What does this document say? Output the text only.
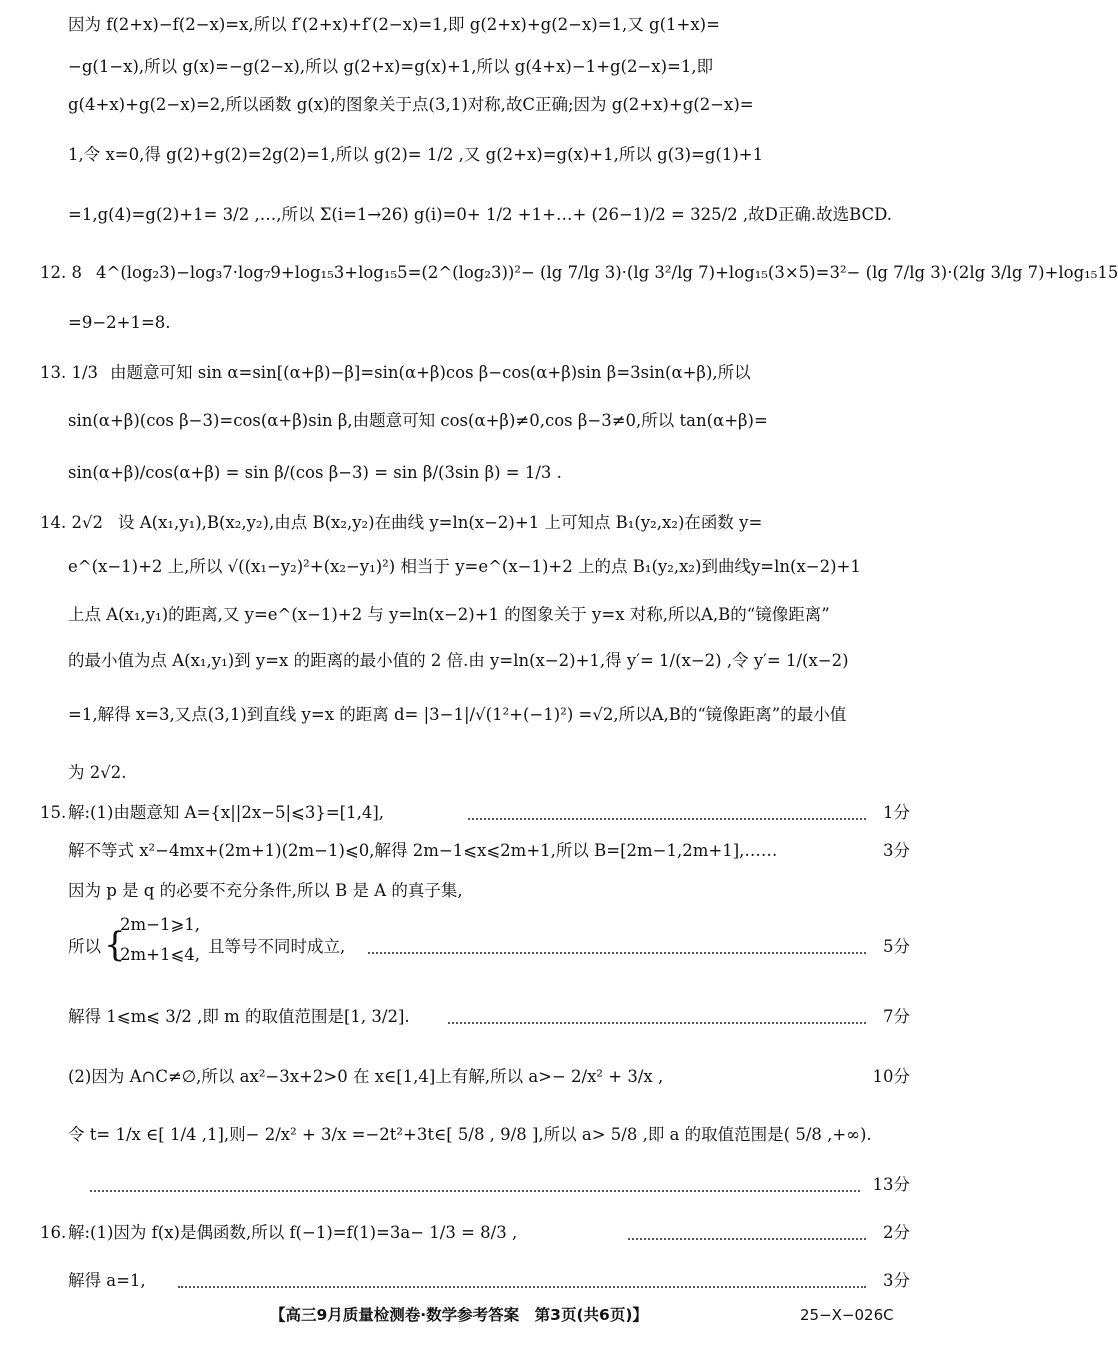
因为 f(2+x)−f(2−x)=x,所以 f′(2+x)+f′(2−x)=1,即 g(2+x)+g(2−x)=1,又 g(1+x)=
−g(1−x),所以 g(x)=−g(2−x),所以 g(2+x)=g(x)+1,所以 g(4+x)−1+g(2−x)=1,即
g(4+x)+g(2−x)=2,所以函数 g(x)的图象关于点(3,1)对称,故C正确;因为 g(2+x)+g(2−x)=
1,令 x=0,得 g(2)+g(2)=2g(2)=1,所以 g(2)= 1/2 ,又 g(2+x)=g(x)+1,所以 g(3)=g(1)+1
=1,g(4)=g(2)+1= 3/2 ,…,所以 Σ(i=1→26) g(i)=0+ 1/2 +1+…+ (26−1)/2 = 325/2 ,故D正确.故选BCD.
12. 8 4^(log₂3)−log₃7·log₇9+log₁₅3+log₁₅5=(2^(log₂3))²− (lg 7/lg 3)·(lg 3²/lg 7)+log₁₅(3×5)=3²− (lg 7/lg 3)·(2lg 3/lg 7)+log₁₅15
=9−2+1=8.
13. 1/3 由题意可知 sin α=sin[(α+β)−β]=sin(α+β)cos β−cos(α+β)sin β=3sin(α+β),所以
sin(α+β)(cos β−3)=cos(α+β)sin β,由题意可知 cos(α+β)≠0,cos β−3≠0,所以 tan(α+β)=
sin(α+β)/cos(α+β) = sin β/(cos β−3) = sin β/(3sin β) = 1/3 .
14. 2√2 设 A(x₁,y₁),B(x₂,y₂),由点 B(x₂,y₂)在曲线 y=ln(x−2)+1 上可知点 B₁(y₂,x₂)在函数 y=
e^(x−1)+2 上,所以 √((x₁−y₂)²+(x₂−y₁)²) 相当于 y=e^(x−1)+2 上的点 B₁(y₂,x₂)到曲线y=ln(x−2)+1
上点 A(x₁,y₁)的距离,又 y=e^(x−1)+2 与 y=ln(x−2)+1 的图象关于 y=x 对称,所以A,B的“镜像距离”
的最小值为点 A(x₁,y₁)到 y=x 的距离的最小值的 2 倍.由 y=ln(x−2)+1,得 y′= 1/(x−2) ,令 y′= 1/(x−2)
=1,解得 x=3,又点(3,1)到直线 y=x 的距离 d= |3−1|/√(1²+(−1)²) =√2,所以A,B的“镜像距离”的最小值
为 2√2.
15. 解:(1)由题意知 A={x||2x−5|⩽3}=[1,4],	1分
解不等式 x²−4mx+(2m+1)(2m−1)⩽0,解得 2m−1⩽x⩽2m+1,所以 B=[2m−1,2m+1],……	3分
因为 p 是 q 的必要不充分条件,所以 B 是 A 的真子集,
所以 {
2m−1⩾1,
2m+1⩽4, 且等号不同时成立,	5分
解得 1⩽m⩽ 3/2 ,即 m 的取值范围是[1, 3/2].	7分
(2)因为 A∩C≠∅,所以 ax²−3x+2>0 在 x∈[1,4]上有解,所以 a>− 2/x² + 3/x ,	10分
令 t= 1/x ∈[ 1/4 ,1],则− 2/x² + 3/x =−2t²+3t∈[ 5/8 , 9/8 ],所以 a> 5/8 ,即 a 的取值范围是( 5/8 ,+∞).
13分
16. 解:(1)因为 f(x)是偶函数,所以 f(−1)=f(1)=3a− 1/3 = 8/3 ,	2分
解得 a=1,	3分
【高三9月质量检测卷·数学参考答案　第3页(共6页)】	25−X−026C
